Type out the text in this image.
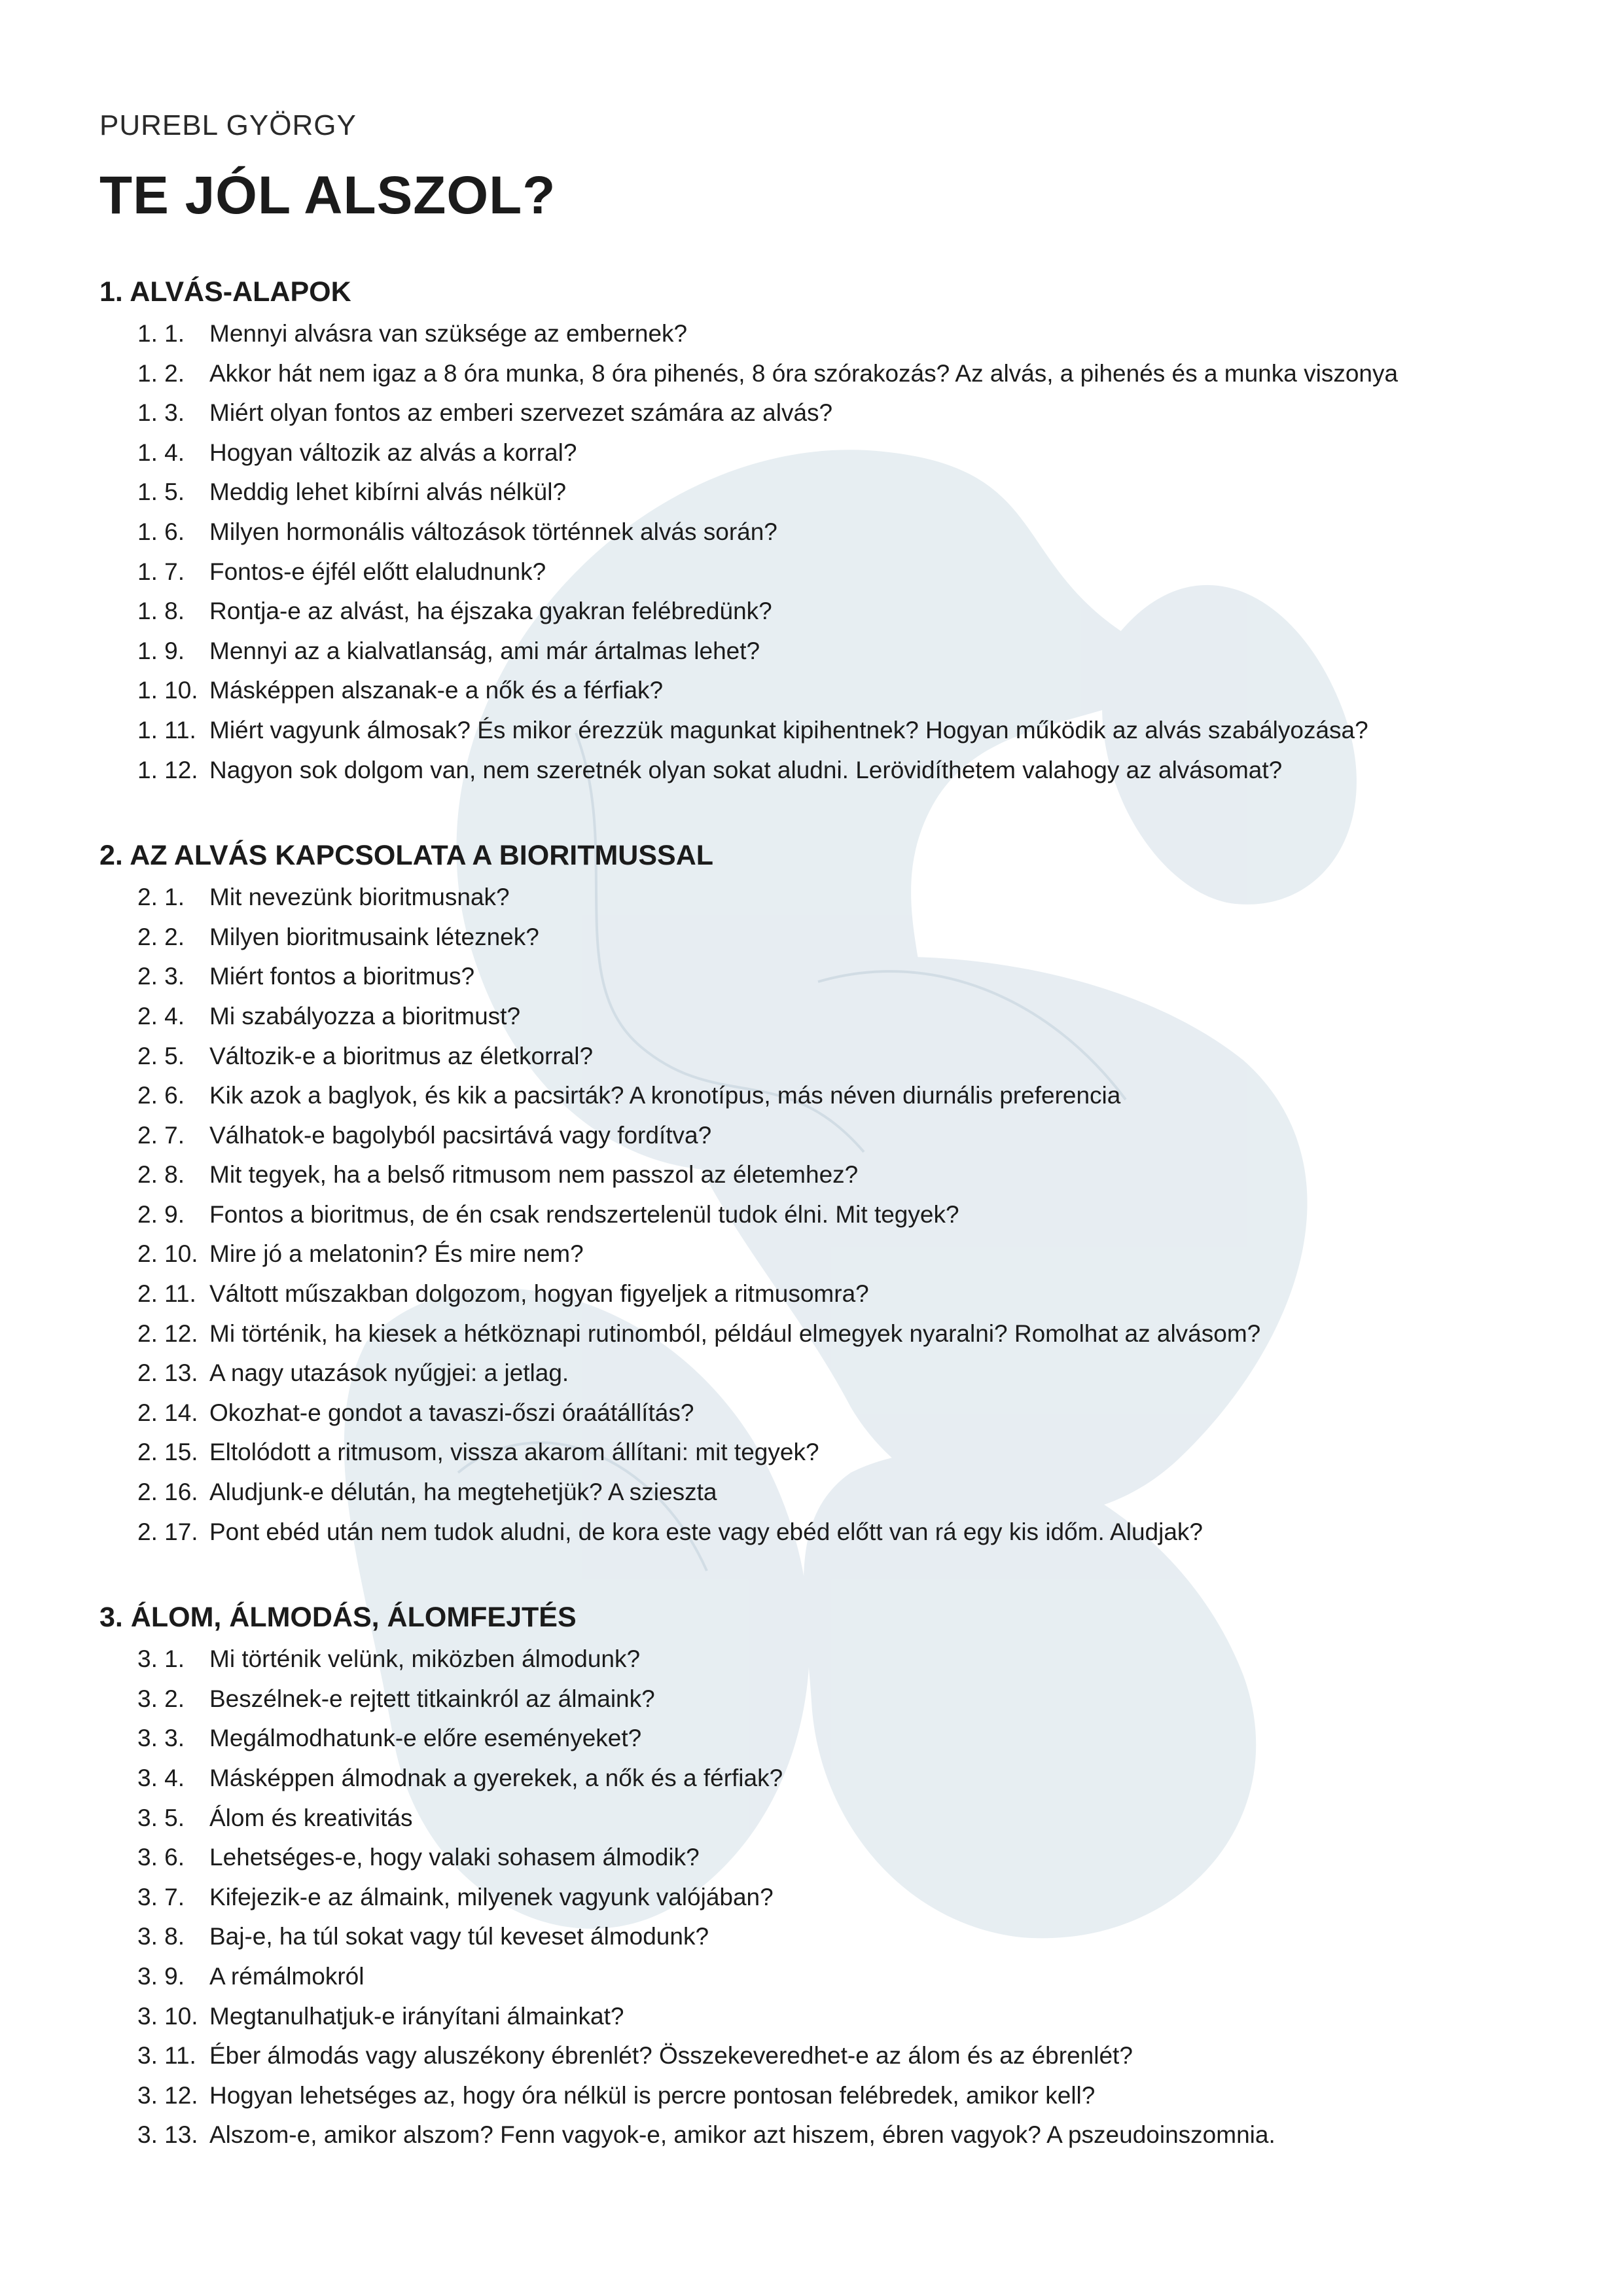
PUREBL GYÖRGY
TE JÓL ALSZOL?
1. ALVÁS-ALAPOK
1. 1.	Mennyi alvásra van szüksége az embernek?
1. 2.	Akkor hát nem igaz a 8 óra munka, 8 óra pihenés, 8 óra szórakozás? Az alvás, a pihenés és a munka viszonya
1. 3.	Miért olyan fontos az emberi szervezet számára az alvás?
1. 4.	Hogyan változik az alvás a korral?
1. 5.	Meddig lehet kibírni alvás nélkül?
1. 6.	Milyen hormonális változások történnek alvás során?
1. 7.	Fontos-e éjfél előtt elaludnunk?
1. 8.	Rontja-e az alvást, ha éjszaka gyakran felébredünk?
1. 9.	Mennyi az a kialvatlanság, ami már ártalmas lehet?
1. 10. Másképpen alszanak-e a nők és a férfiak?
1. 11. Miért vagyunk álmosak? És mikor érezzük magunkat kipihentnek? Hogyan működik az alvás szabályozása?
1. 12. Nagyon sok dolgom van, nem szeretnék olyan sokat aludni. Lerövidíthetem valahogy az alvásomat?
2. AZ ALVÁS KAPCSOLATA A BIORITMUSSAL
2. 1.	Mit nevezünk bioritmusnak?
2. 2.	Milyen bioritmusaink léteznek?
2. 3.	Miért fontos a bioritmus?
2. 4.	Mi szabályozza a bioritmust?
2. 5.	Változik-e a bioritmus az életkorral?
2. 6.	Kik azok a baglyok, és kik a pacsirták? A kronotípus, más néven diurnális preferencia
2. 7.	Válhatok-e bagolyból pacsirtává vagy fordítva?
2. 8.	Mit tegyek, ha a belső ritmusom nem passzol az életemhez?
2. 9.	Fontos a bioritmus, de én csak rendszertelenül tudok élni. Mit tegyek?
2. 10. Mire jó a melatonin? És mire nem?
2. 11. Váltott műszakban dolgozom, hogyan figyeljek a ritmusomra?
2. 12. Mi történik, ha kiesek a hétköznapi rutinomból, például elmegyek nyaralni? Romolhat az alvásom?
2. 13. A nagy utazások nyűgjei: a jetlag.
2. 14. Okozhat-e gondot a tavaszi-őszi óraátállítás?
2. 15. Eltolódott a ritmusom, vissza akarom állítani: mit tegyek?
2. 16. Aludjunk-e délután, ha megtehetjük? A sziesztа
2. 17. Pont ebéd után nem tudok aludni, de kora este vagy ebéd előtt van rá egy kis időm. Aludjak?
3. ÁLOM, ÁLMODÁS, ÁLOMFEJTÉS
3. 1.	Mi történik velünk, miközben álmodunk?
3. 2.	Beszélnek-e rejtett titkainkról az álmaink?
3. 3.	Megálmodhatunk-e előre eseményeket?
3. 4.	Másképpen álmodnak a gyerekek, a nők és a férfiak?
3. 5.	Álom és kreativitás
3. 6.	Lehetséges-e, hogy valaki sohasem álmodik?
3. 7.	Kifejezik-e az álmaink, milyenek vagyunk valójában?
3. 8.	Baj-e, ha túl sokat vagy túl keveset álmodunk?
3. 9.	A rémálmokról
3. 10. Megtanulhatjuk-e irányítani álmainkat?
3. 11. Éber álmodás vagy aluszékony ébrenlét? Összekeveredhet-e az álom és az ébrenlét?
3. 12. Hogyan lehetséges az, hogy óra nélkül is percre pontosan felébredek, amikor kell?
3. 13. Alszom-e, amikor alszom? Fenn vagyok-e, amikor azt hiszem, ébren vagyok? A pszeudoinszomnia.
